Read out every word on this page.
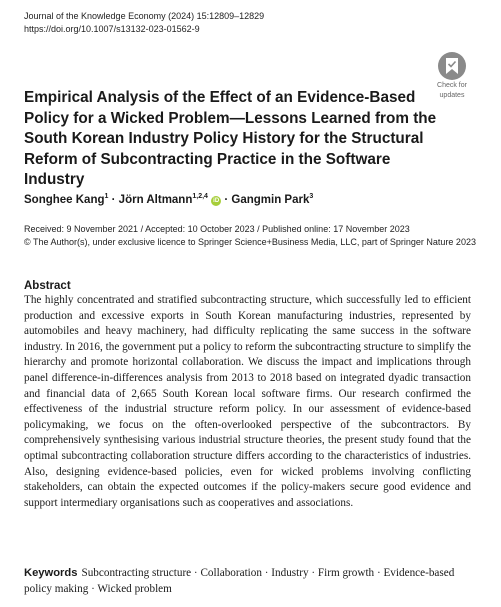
Journal of the Knowledge Economy (2024) 15:12809–12829
https://doi.org/10.1007/s13132-023-01562-9
Check for
updates
Empirical Analysis of the Effect of an Evidence-Based Policy for a Wicked Problem—Lessons Learned from the South Korean Industry Policy History for the Structural Reform of Subcontracting Practice in the Software Industry
Songhee Kang$^1$ · Jörn Altmann$^{1,2,4}$ iD · Gangmin Park$^3$
Received: 9 November 2021 / Accepted: 10 October 2023 / Published online: 17 November 2023
© The Author(s), under exclusive licence to Springer Science+Business Media, LLC, part of Springer Nature 2023
Abstract

The highly concentrated and stratified subcontracting structure, which successfully led to efficient production and excessive exports in South Korean manufacturing industries, represented by automobiles and heavy machinery, had difficulty replicating the same success in the software industry. In 2016, the government put a policy to reform the subcontracting structure to simplify the hierarchy and promote horizontal collaboration. We discuss the impact and implications through panel difference-in-differences analysis from 2013 to 2018 based on integrated dyadic transaction and financial data of 2,665 South Korean local software firms. Our research confirmed the effectiveness of the industrial structure reform policy. In our assessment of evidence-based policymaking, we focus on the often-overlooked perspective of the subcontractors. By comprehensively synthesising various industrial structure theories, the present study found that the optimal subcontracting collaboration structure differs according to the characteristics of industries. Also, designing evidence-based policies, even for wicked problems involving conflicting stakeholders, can obtain the expected outcomes if the policy-makers secure good evidence and support intermediary organisations such as cooperatives and associations.

Keywords Subcontracting structure · Collaboration · Industry · Firm growth · Evidence-based policy making · Wicked problem
